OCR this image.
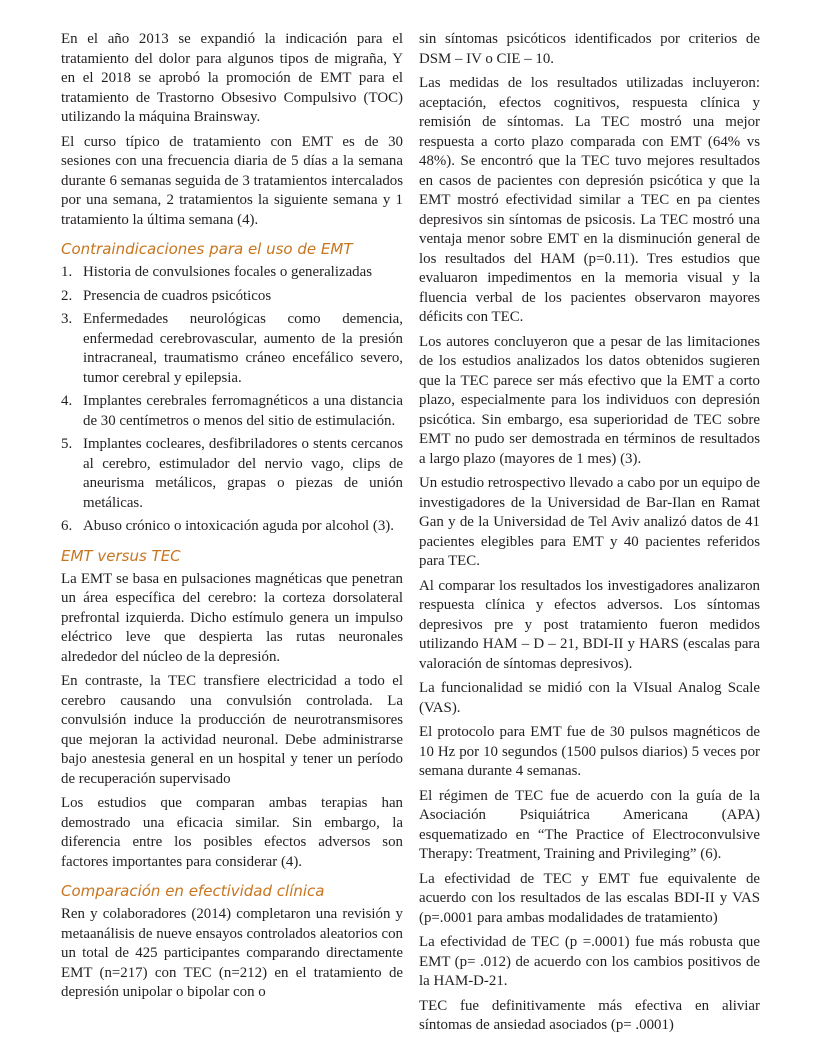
En el año 2013 se expandió la indicación para el tratamiento del dolor para algunos tipos de migraña, Y en el 2018 se aprobó la promoción de EMT para el tratamiento de Trastorno Obsesivo Compulsivo (TOC) utilizando la máquina Brainsway.

El curso típico de tratamiento con EMT es de 30 sesiones con una frecuencia diaria de 5 días a la semana durante 6 semanas seguida de 3 tratamientos intercalados por una semana, 2 tratamientos la siguiente semana y 1 tratamiento la última semana (4).

Contraindicaciones para el uso de EMT
1. Historia de convulsiones focales o generalizadas
2. Presencia de cuadros psicóticos
3. Enfermedades neurológicas como demencia, enfermedad cerebrovascular, aumento de la presión intracraneal, traumatismo cráneo encefálico severo, tumor cerebral y epilepsia.
4. Implantes cerebrales ferromagnéticos a una distancia de 30 centímetros o menos del sitio de estimulación.
5. Implantes cocleares, desfibriladores o stents cercanos al cerebro, estimulador del nervio vago, clips de aneurisma metálicos, grapas o piezas de unión metálicas.
6. Abuso crónico o intoxicación aguda por alcohol (3).
EMT versus TEC

La EMT se basa en pulsaciones magnéticas que penetran un área específica del cerebro: la corteza dorsolateral prefrontal izquierda. Dicho estímulo genera un impulso eléctrico leve que despierta las rutas neuronales alrededor del núcleo de la depresión.

En contraste, la TEC transfiere electricidad a todo el cerebro causando una convulsión controlada. La convulsión induce la producción de neurotransmisores que mejoran la actividad neuronal. Debe administrarse bajo anestesia general en un hospital y tener un período de recuperación supervisado

Los estudios que comparan ambas terapias han demostrado una eficacia similar. Sin embargo, la diferencia entre los posibles efectos adversos son factores importantes para considerar (4).

Comparación en efectividad clínica

Ren y colaboradores (2014) completaron una revisión y metaanálisis de nueve ensayos controlados aleatorios con un total de 425 participantes comparando directamente EMT (n=217) con TEC (n=212) en el tratamiento de depresión unipolar o bipolar con o

sin síntomas psicóticos identificados por criterios de DSM – IV o CIE – 10.

Las medidas de los resultados utilizadas incluyeron: aceptación, efectos cognitivos, respuesta clínica y remisión de síntomas. La TEC mostró una mejor respuesta a corto plazo comparada con EMT (64% vs 48%). Se encontró que la TEC tuvo mejores resultados en casos de pacientes con depresión psicótica y que la EMT mostró efectividad similar a TEC en pa cientes depresivos sin síntomas de psicosis. La TEC mostró una ventaja menor sobre EMT en la disminución general de los resultados del HAM (p=0.11). Tres estudios que evaluaron impedimentos en la memoria visual y la fluencia verbal de los pacientes observaron mayores déficits con TEC.

Los autores concluyeron que a pesar de las limitaciones de los estudios analizados los datos obtenidos sugieren que la TEC parece ser más efectivo que la EMT a corto plazo, especialmente para los individuos con depresión psicótica. Sin embargo, esa superioridad de TEC sobre EMT no pudo ser demostrada en términos de resultados a largo plazo (mayores de 1 mes) (3).

Un estudio retrospectivo llevado a cabo por un equipo de investigadores de la Universidad de Bar-Ilan en Ramat Gan y de la Universidad de Tel Aviv analizó datos de 41 pacientes elegibles para EMT y 40 pacientes referidos para TEC.

Al comparar los resultados los investigadores analizaron respuesta clínica y efectos adversos. Los síntomas depresivos pre y post tratamiento fueron medidos utilizando HAM – D – 21, BDI-II y HARS (escalas para valoración de síntomas depresivos).

La funcionalidad se midió con la VIsual Analog Scale (VAS).

El protocolo para EMT fue de 30 pulsos magnéticos de 10 Hz por 10 segundos (1500 pulsos diarios) 5 veces por semana durante 4 semanas.

El régimen de TEC fue de acuerdo con la guía de la Asociación Psiquiátrica Americana (APA) esquematizado en “The Practice of Electroconvulsive Therapy: Treatment, Training and Privileging” (6).

La efectividad de TEC y EMT fue equivalente de acuerdo con los resultados de las escalas BDI-II y VAS (p=.0001 para ambas modalidades de tratamiento)

La efectividad de TEC (p =.0001) fue más robusta que EMT (p= .012) de acuerdo con los cambios positivos de la HAM-D-21.

TEC fue definitivamente más efectiva en aliviar síntomas de ansiedad asociados (p= .0001)
